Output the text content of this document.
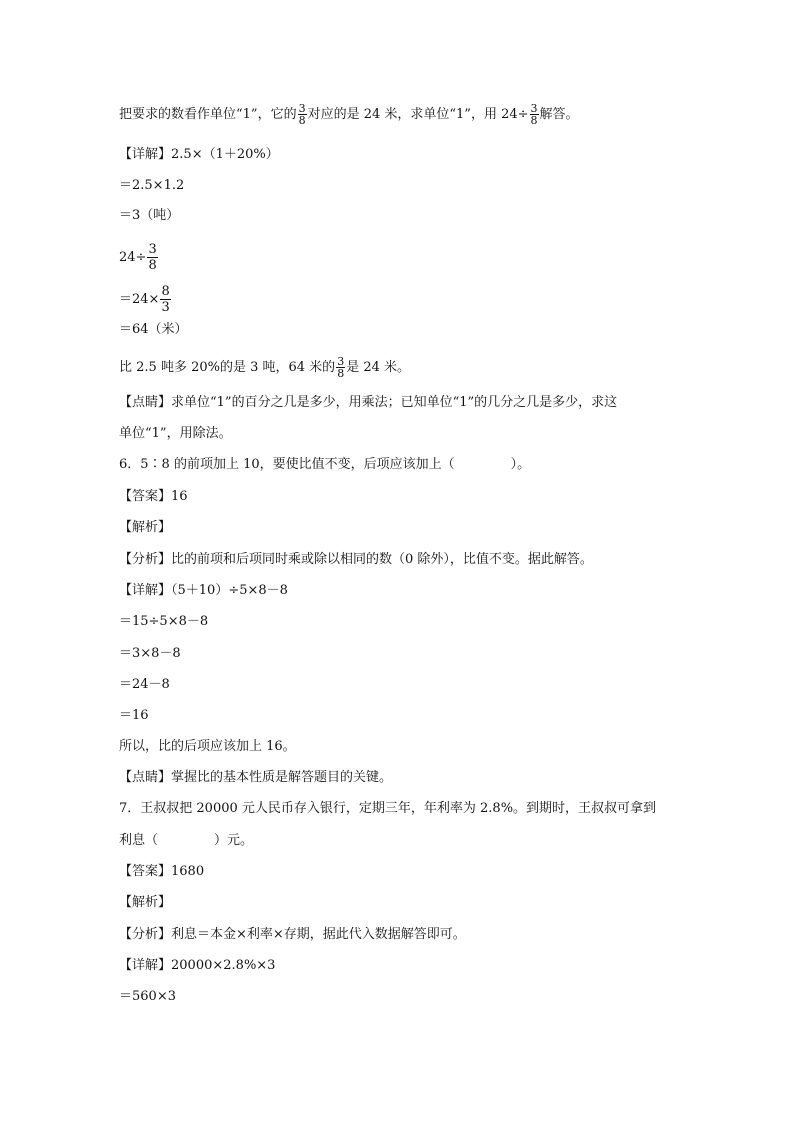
把要求的数看作单位“1”，它的 $\frac{3}{8}$ 对应的是 24 米，求单位“1”，用 $24\div \frac{3}{8}$ 解答。
【详解】2.5×（1＋20%）
＝2.5×1.2
＝3（吨）
$24\div \frac{3}{8}$
$=24\times \frac{8}{3}$
＝64（米）
比 2.5 吨多 20%的是 3 吨，64 米的 $\frac{3}{8}$ 是 24 米。
【点睛】求单位“1”的百分之几是多少，用乘法；已知单位“1”的几分之几是多少，求这
单位“1”，用除法。
6．5∶8 的前项加上 10，要使比值不变，后项应该加上（	）。
【答案】16
【解析】
【分析】比的前项和后项同时乘或除以相同的数（0 除外），比值不变。据此解答。
【详解】（5＋10）÷5×8－8
＝15÷5×8－8
＝3×8－8
＝24－8
＝16
所以，比的后项应该加上 16。
【点睛】掌握比的基本性质是解答题目的关键。
7．王叔叔把 20000 元人民币存入银行，定期三年，年利率为 2.8%。到期时，王叔叔可拿到
利息（	）元。
【答案】1680
【解析】
【分析】利息＝本金×利率×存期，据此代入数据解答即可。
【详解】20000×2.8%×3
＝560×3
